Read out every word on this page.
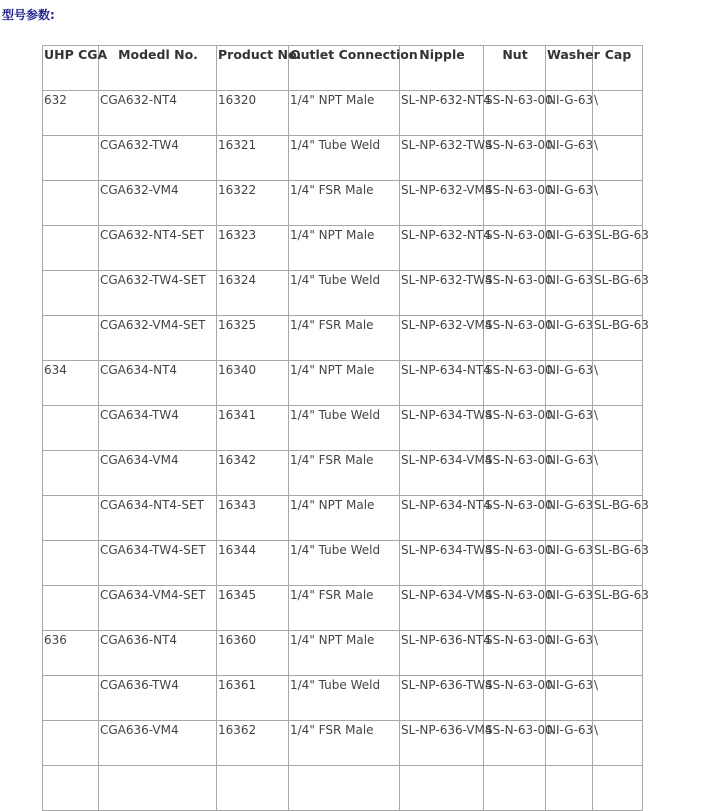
型号参数:
UHP CGA	Modedl No.	Product No.	Outlet Connection	Nipple	Nut	Washer	Cap
632	CGA632-NT4	16320	1/4" NPT Male	SL-NP-632-NT4	SS-N-63-00	NI-G-63	\
	CGA632-TW4	16321	1/4" Tube Weld	SL-NP-632-TW4	SS-N-63-00	NI-G-63	\
	CGA632-VM4	16322	1/4" FSR Male	SL-NP-632-VM4	SS-N-63-00	NI-G-63	\
	CGA632-NT4-SET	16323	1/4" NPT Male	SL-NP-632-NT4	SS-N-63-00	NI-G-63	SL-BG-63
	CGA632-TW4-SET	16324	1/4" Tube Weld	SL-NP-632-TW4	SS-N-63-00	NI-G-63	SL-BG-63
	CGA632-VM4-SET	16325	1/4" FSR Male	SL-NP-632-VM4	SS-N-63-00	NI-G-63	SL-BG-63
634	CGA634-NT4	16340	1/4" NPT Male	SL-NP-634-NT4	SS-N-63-00	NI-G-63	\
	CGA634-TW4	16341	1/4" Tube Weld	SL-NP-634-TW4	SS-N-63-00	NI-G-63	\
	CGA634-VM4	16342	1/4" FSR Male	SL-NP-634-VM4	SS-N-63-00	NI-G-63	\
	CGA634-NT4-SET	16343	1/4" NPT Male	SL-NP-634-NT4	SS-N-63-00	NI-G-63	SL-BG-63
	CGA634-TW4-SET	16344	1/4" Tube Weld	SL-NP-634-TW4	SS-N-63-00	NI-G-63	SL-BG-63
	CGA634-VM4-SET	16345	1/4" FSR Male	SL-NP-634-VM4	SS-N-63-00	NI-G-63	SL-BG-63
636	CGA636-NT4	16360	1/4" NPT Male	SL-NP-636-NT4	SS-N-63-00	NI-G-63	\
	CGA636-TW4	16361	1/4" Tube Weld	SL-NP-636-TW4	SS-N-63-00	NI-G-63	\
	CGA636-VM4	16362	1/4" FSR Male	SL-NP-636-VM4	SS-N-63-00	NI-G-63	\
